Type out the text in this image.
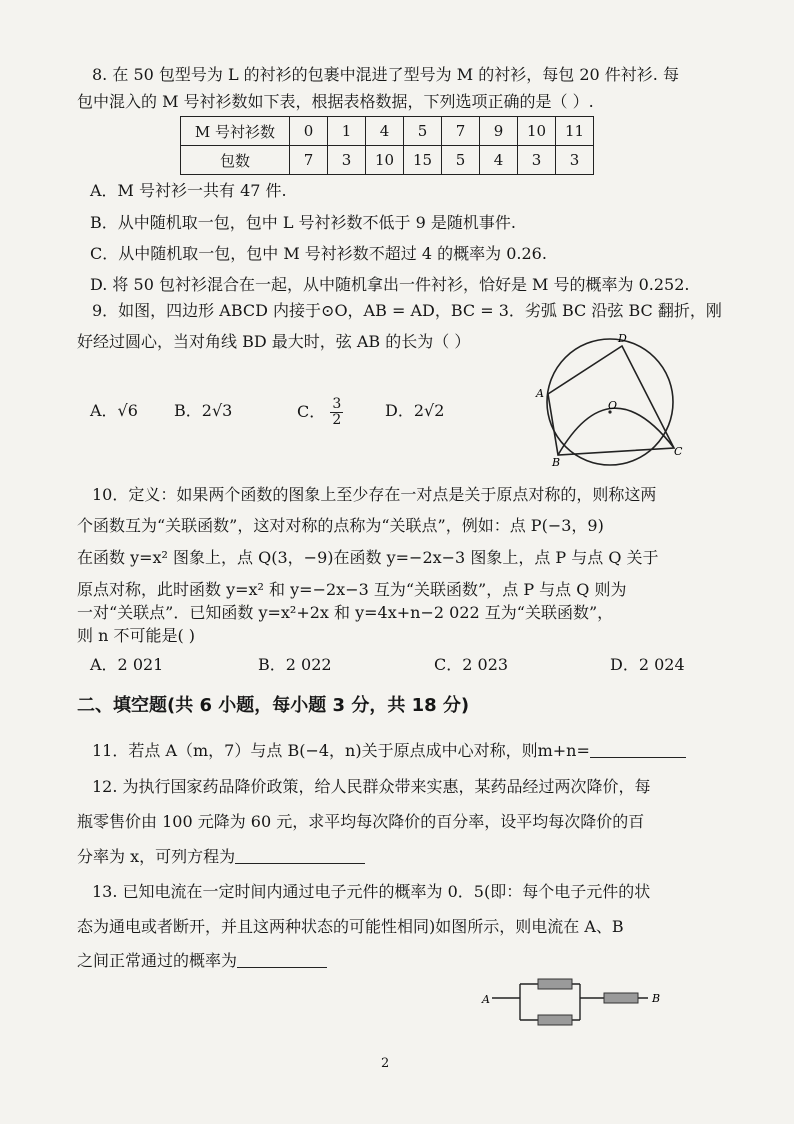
8. 在 50 包型号为 L 的衬衫的包裹中混进了型号为 M 的衬衫，每包 20 件衬衫. 每
包中混入的 M 号衬衫数如下表，根据表格数据，下列选项正确的是（ ）.
M 号衬衫数	0	1	4	5	7	9	10	11
包数	7	3	10	15	5	4	3	3
A．M 号衬衫一共有 47 件.
B．从中随机取一包，包中 L 号衬衫数不低于 9 是随机事件.
C．从中随机取一包，包中 M 号衬衫数不超过 4 的概率为 0.26.
D. 将 50 包衬衫混合在一起，从中随机拿出一件衬衫，恰好是 M 号的概率为 0.252.
9．如图，四边形 ABCD 内接于⊙O，AB = AD，BC = 3．劣弧 BC 沿弦 BC 翻折，刚
好经过圆心，当对角线 BD 最大时，弦 AB 的长为（ ）
A．√6 B．2√3	C． $\frac{3}{2}$	D．2√2
A
B
C
D
O
10．定义：如果两个函数的图象上至少存在一对点是关于原点对称的，则称这两
个函数互为“关联函数”，这对对称的点称为“关联点”，例如：点 P(−3，9)
在函数 y=x² 图象上，点 Q(3，−9)在函数 y=−2x−3 图象上，点 P 与点 Q 关于
原点对称，此时函数 y=x² 和 y=−2x−3 互为“关联函数”，点 P 与点 Q 则为
一对“关联点”．已知函数 y=x²+2x 和 y=4x+n−2 022 互为“关联函数”，
则 n 不可能是( )
A．2 021	B．2 022	C．2 023	D．2 024
二、填空题(共 6 小题，每小题 3 分，共 18 分)
11．若点 A（m，7）与点 B(−4，n)关于原点成中心对称，则m+n=
12. 为执行国家药品降价政策，给人民群众带来实惠，某药品经过两次降价，每
瓶零售价由 100 元降为 60 元，求平均每次降价的百分率，设平均每次降价的百
分率为 x，可列方程为
13. 已知电流在一定时间内通过电子元件的概率为 0．5(即：每个电子元件的状
态为通电或者断开，并且这两种状态的可能性相同)如图所示，则电流在 A、B
之间正常通过的概率为
A	B
2
